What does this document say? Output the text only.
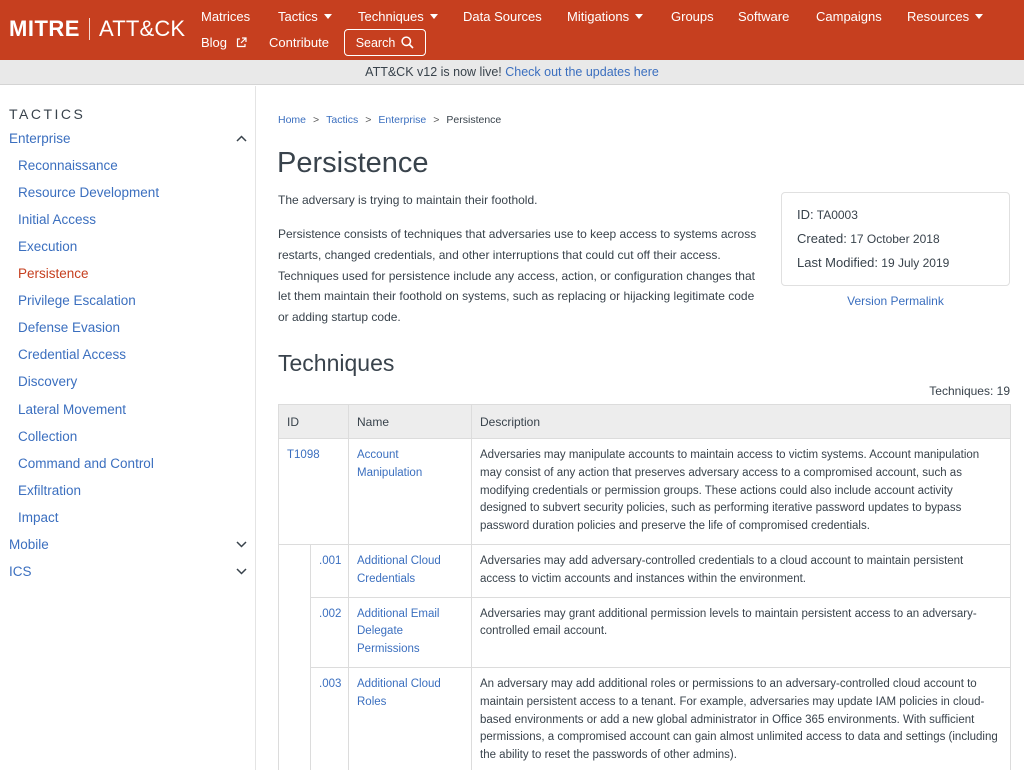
MITRE ATT&CK Matrices Tactics	Techniques	Data Sources Mitigations	Groups Software Campaigns Resources
Blog	Contribute Search
ATT&CK v12 is now live! Check out the updates here
TACTICS
Enterprise
Reconnaissance
Resource Development
Initial Access
Execution
Persistence
Privilege Escalation
Defense Evasion
Credential Access
Discovery
Lateral Movement
Collection
Command and Control
Exfiltration
Impact
Mobile
ICS
Home > Tactics > Enterprise > Persistence
Persistence

The adversary is trying to maintain their foothold.

Persistence consists of techniques that adversaries use to keep access to systems across restarts, changed credentials, and other interruptions that could cut off their access. Techniques used for persistence include any access, action, or configuration changes that let them maintain their foothold on systems, such as replacing or hijacking legitimate code or adding startup code.

ID: TA0003
Created: 17 October 2018
Last Modified: 19 July 2019
Version Permalink
Techniques
Techniques: 19
ID		Name	Description
T1098		Account Manipulation	Adversaries may manipulate accounts to maintain access to victim systems. Account manipulation may consist of any action that preserves adversary access to a compromised account, such as modifying credentials or permission groups. These actions could also include account activity designed to subvert security policies, such as performing iterative password updates to bypass password duration policies and preserve the life of compromised credentials.
	.001	Additional Cloud Credentials	Adversaries may add adversary-controlled credentials to a cloud account to maintain persistent access to victim accounts and instances within the environment.
	.002	Additional Email Delegate Permissions	Adversaries may grant additional permission levels to maintain persistent access to an adversary-controlled email account.
	.003	Additional Cloud Roles	An adversary may add additional roles or permissions to an adversary-controlled cloud account to maintain persistent access to a tenant. For example, adversaries may update IAM policies in cloud-based environments or add a new global administrator in Office 365 environments. With sufficient permissions, a compromised account can gain almost unlimited access to data and settings (including the ability to reset the passwords of other admins).
